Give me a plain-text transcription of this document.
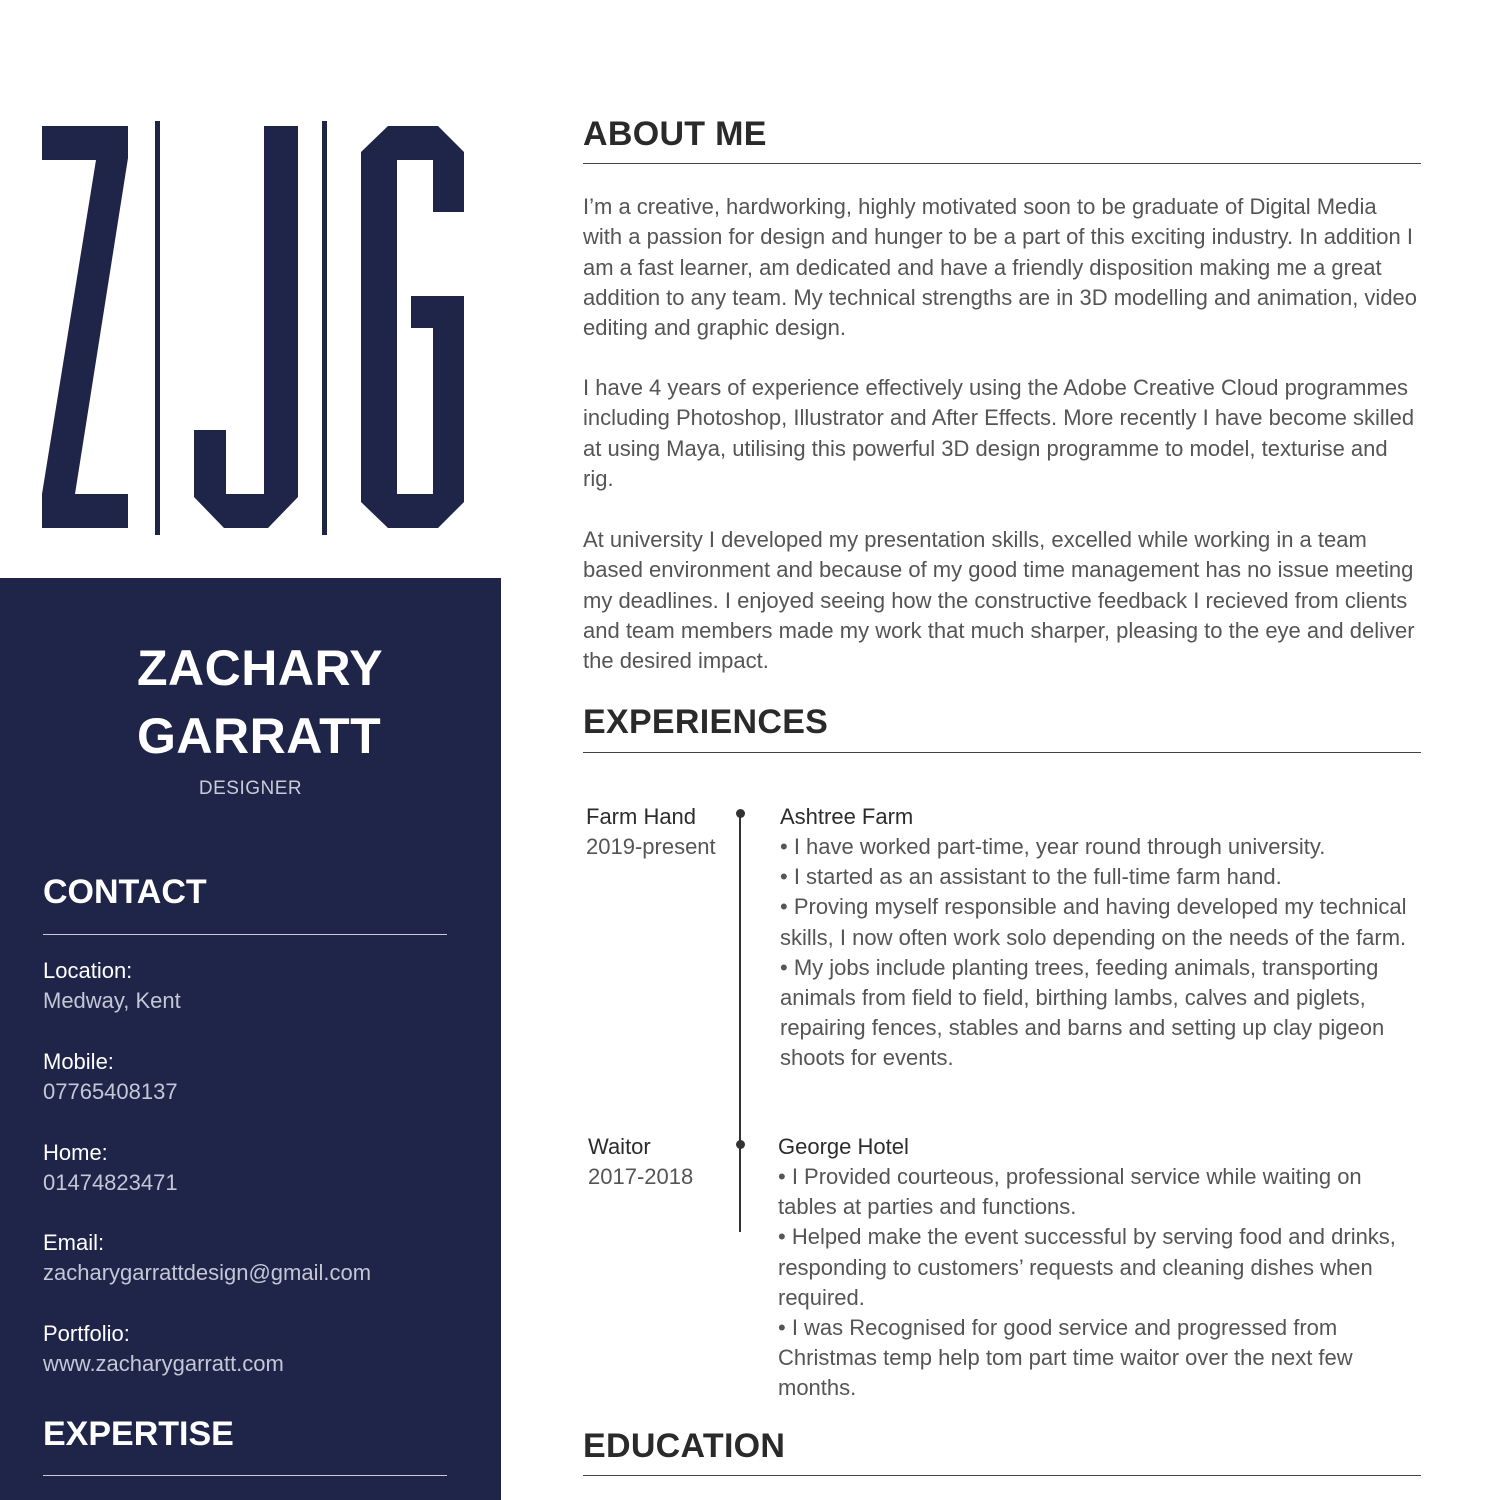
ZACHARY
GARRATT
DESIGNER
CONTACT
Location:
Medway, Kent
Mobile:
07765408137
Home:
01474823471
Email:
zacharygarrattdesign@gmail.com
Portfolio:
www.zacharygarratt.com
EXPERTISE
ABOUT ME
I’m a creative, hardworking, highly motivated soon to be graduate of Digital Media with a passion for design and hunger to be a part of this exciting industry. In addition I am a fast learner, am dedicated and have a friendly disposition making me a great addition to any team. My technical strengths are in 3D modelling and animation, video editing and graphic design.
I have 4 years of experience effectively using the Adobe Creative Cloud programmes including Photoshop, Illustrator and After Effects. More recently I have become skilled at using Maya, utilising this powerful 3D design programme to model, texturise and rig.
At university I developed my presentation skills, excelled while working in a team based environment and because of my good time management has no issue meeting my deadlines. I enjoyed seeing how the constructive feedback I recieved from clients and team members made my work that much sharper, pleasing to the eye and deliver the desired impact.
EXPERIENCES
Farm Hand
2019-present
Ashtree Farm
• I have worked part-time, year round through university.
• I started as an assistant to the full-time farm hand.
• Proving myself responsible and having developed my technical skills, I now often work solo depending on the needs of the farm.
• My jobs include planting trees, feeding animals, transporting animals from field to field, birthing lambs, calves and piglets, repairing fences, stables and barns and setting up clay pigeon shoots for events.
Waitor
2017-2018
George Hotel
• I Provided courteous, professional service while waiting on tables at parties and functions.
• Helped make the event successful by serving food and drinks, responding to customers’ requests and cleaning dishes when required.
• I was Recognised for good service and progressed from Christmas temp help tom part time waitor over the next few months.
EDUCATION
